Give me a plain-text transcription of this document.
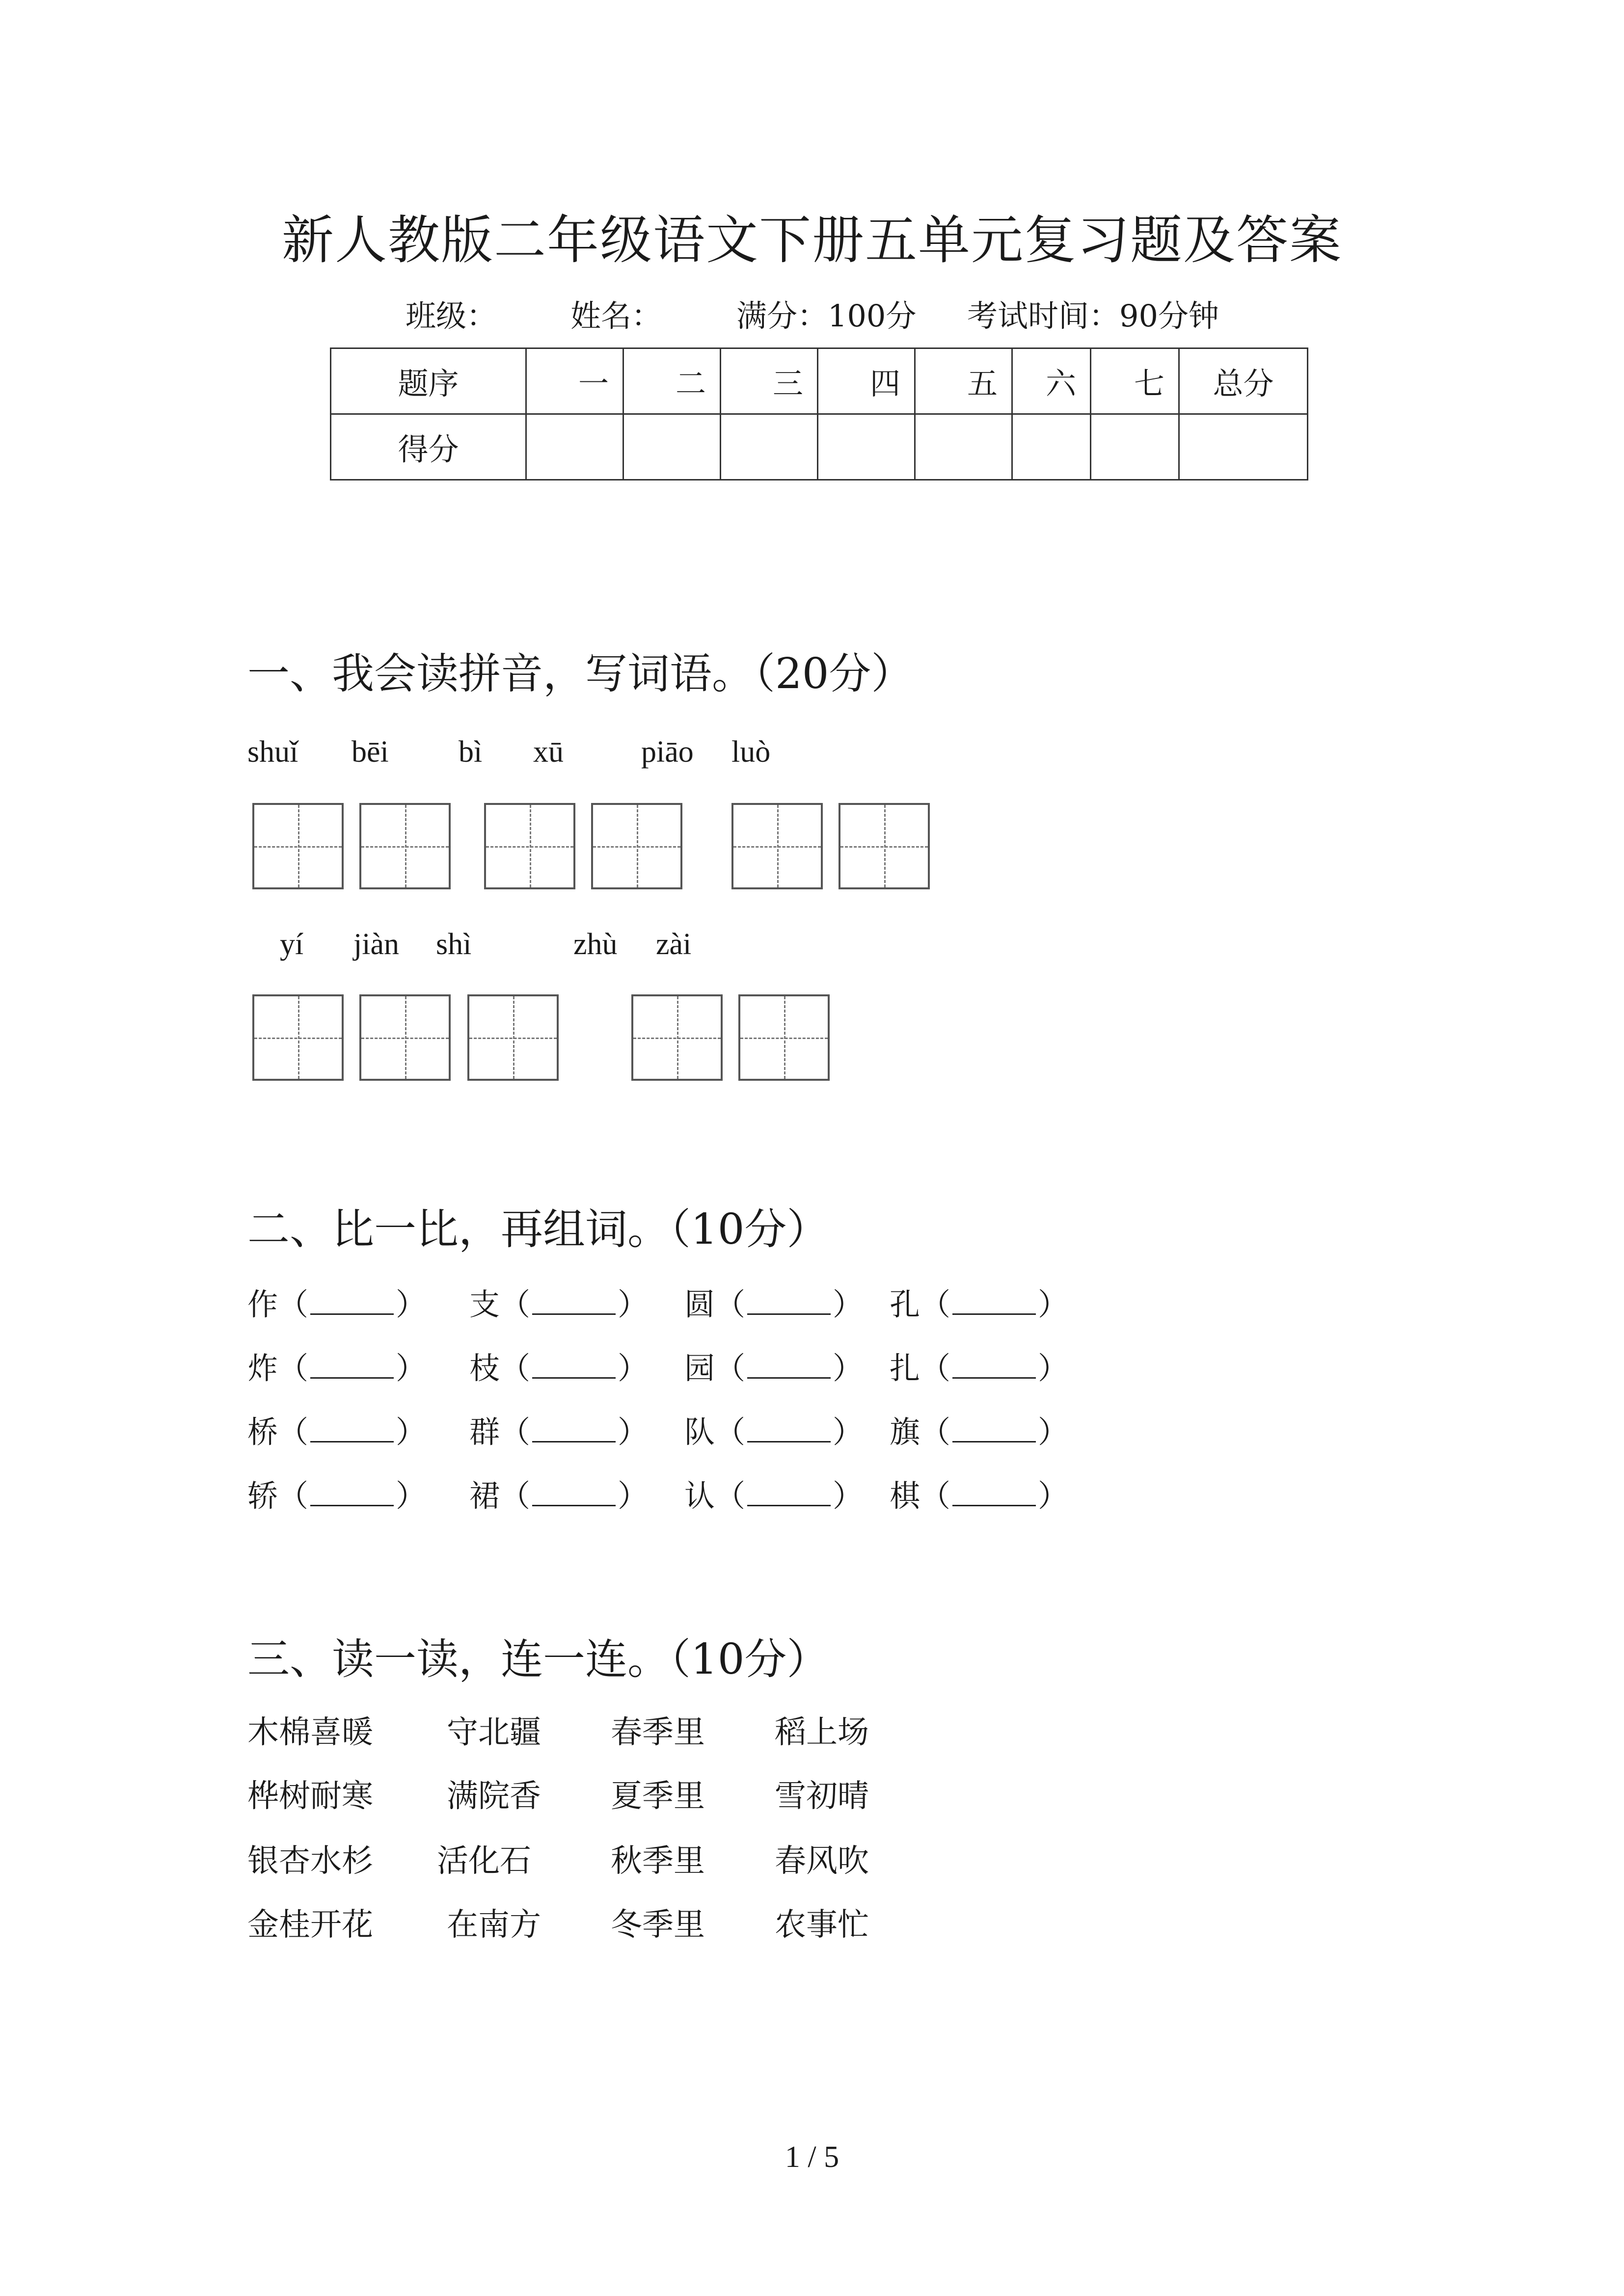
新人教版二年级语文下册五单元复习题及答案
班级： 姓名： 满分：100分 考试时间：90分钟
题序	一	二	三	四	五	六	七	总分
得分								
一、我会读拼音，写词语。（20分）
shuǐ bēi bì xū	piāo luò
yí jiàn shì	zhù zài
二、比一比，再组词。（10分）
作（	） 支（	） 圆（	） 孔（	）
炸（	） 枝（	） 园（	） 扎（	）
桥（	） 群（	） 队（	） 旗（	）
轿（	） 裙（	） 认（	） 棋（	）
三、读一读，连一连。（10分）
木棉喜暖 守北疆 春季里 稻上场
桦树耐寒 满院香 夏季里 雪初晴
银杏水杉 活化石	秋季里 春风吹
金桂开花 在南方 冬季里 农事忙
1 / 5
